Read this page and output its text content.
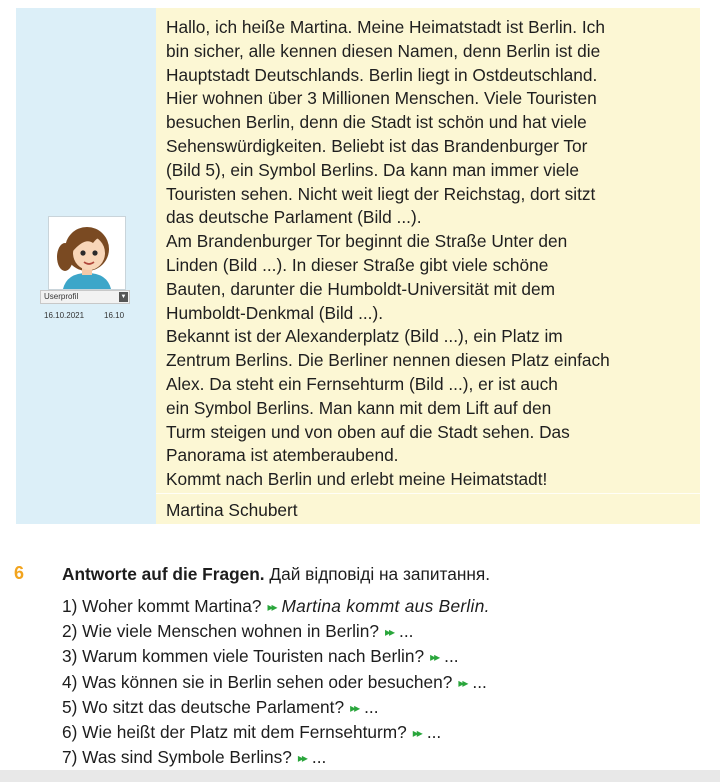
Userprofil	▼
16.10.2021 16.10
Hallo, ich heiße Martina. Meine Heimatstadt ist Berlin. Ich
bin sicher, alle kennen diesen Namen, denn Berlin ist die
Hauptstadt Deutschlands. Berlin liegt in Ostdeutschland.
Hier wohnen über 3 Millionen Menschen. Viele Touristen
besuchen Berlin, denn die Stadt ist schön und hat viele
Sehenswürdigkeiten. Beliebt ist das Brandenburger Tor
(Bild 5), ein Symbol Berlins. Da kann man immer viele
Touristen sehen. Nicht weit liegt der Reichstag, dort sitzt
das deutsche Parlament (Bild ...).
Am Brandenburger Tor beginnt die Straße Unter den
Linden (Bild ...). In dieser Straße gibt viele schöne
Bauten, darunter die Humboldt-Universität mit dem
Humboldt-Denkmal (Bild ...).
Bekannt ist der Alexanderplatz (Bild ...), ein Platz im
Zentrum Berlins. Die Berliner nennen diesen Platz einfach
Alex. Da steht ein Fernsehturm (Bild ...), er ist auch
ein Symbol Berlins. Man kann mit dem Lift auf den
Turm steigen und von oben auf die Stadt sehen. Das
Panorama ist atemberaubend.
Kommt nach Berlin und erlebt meine Heimatstadt!
Martina Schubert
6 Antworte auf die Fragen. Дай відповіді на запитання.
1) Woher kommt Martina? ▸▸ Martina kommt aus Berlin.
2) Wie viele Menschen wohnen in Berlin? ▸▸ ...
3) Warum kommen viele Touristen nach Berlin? ▸▸ ...
4) Was können sie in Berlin sehen oder besuchen? ▸▸ ...
5) Wo sitzt das deutsche Parlament? ▸▸ ...
6) Wie heißt der Platz mit dem Fernsehturm? ▸▸ ...
7) Was sind Symbole Berlins? ▸▸ ...
